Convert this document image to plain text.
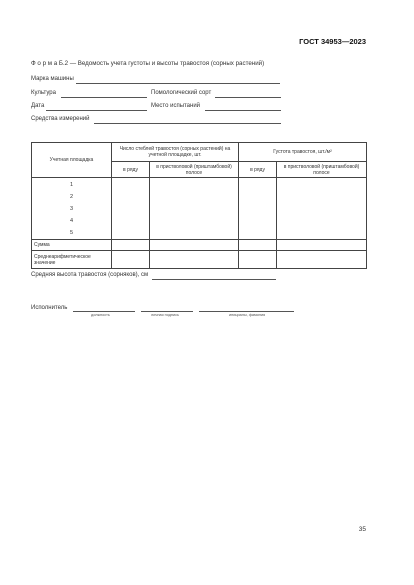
ГОСТ 34953—2023
Ф о р м а Б.2 — Ведомость учета густоты и высоты травостоя (сорных растений)
Марка машины
Культура	Помологический сорт
Дата	Место испытаний
Средства измерений
Учетная площадка	Число стеблей травостоя (сорных растений) на учетной площадке, шт.		Густота травостоя, шт./м²	
	в ряду	в пристволовой (приштамбовой) полосе	в ряду	в пристволовой (приштамбовой) полосе

1
2
3
4
5				

Сумма				
Среднеарифметическое значение				
Средняя высота травостоя (сорняков), см
Исполнитель
должность	личная подпись	инициалы, фамилия
35
